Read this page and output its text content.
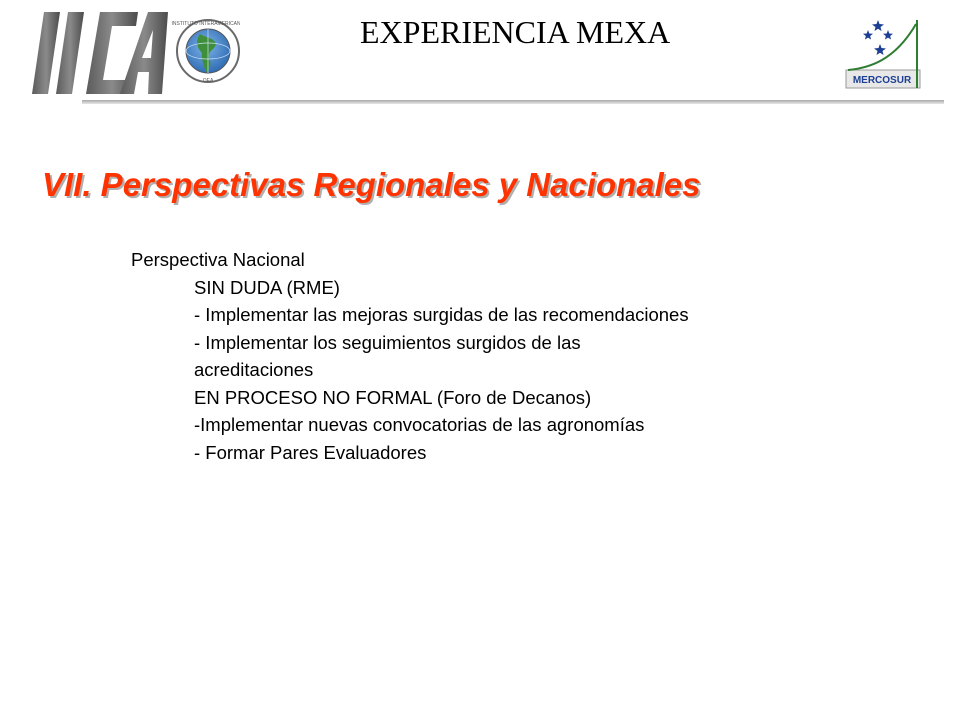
INSTITUTO INTERAMERICANO
OEA
EXPERIENCIA MEXA
MERCOSUR
VII. Perspectivas Regionales y Nacionales
Perspectiva Nacional
SIN DUDA (RME)
- Implementar las mejoras surgidas de las recomendaciones
- Implementar los seguimientos surgidos de las
acreditaciones
EN PROCESO NO FORMAL (Foro de Decanos)
-Implementar nuevas convocatorias de las agronomías
- Formar Pares Evaluadores
